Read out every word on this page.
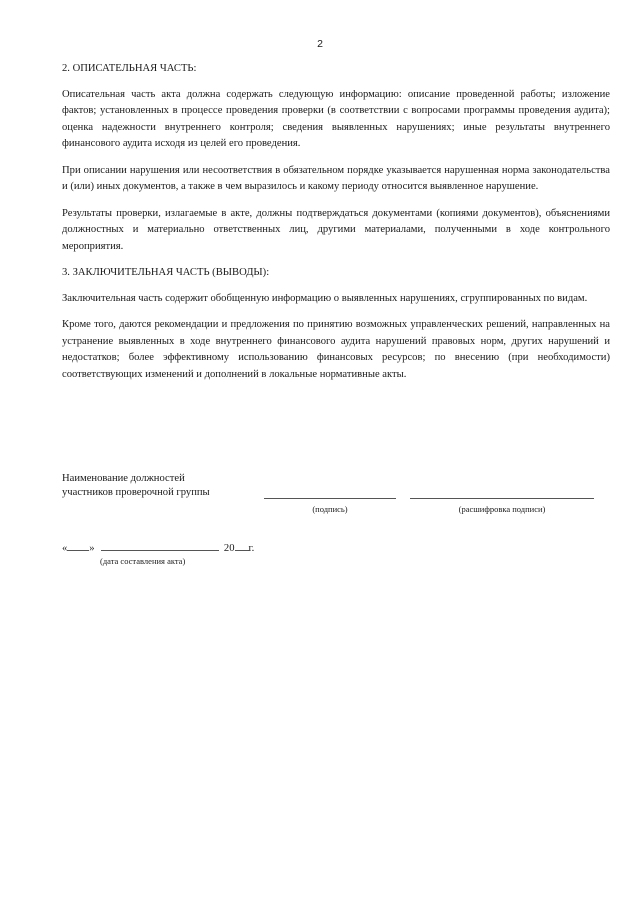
2
2. ОПИСАТЕЛЬНАЯ ЧАСТЬ:

Описательная часть акта должна содержать следующую информацию: описание проведенной работы; изложение фактов; установленных в процессе проведения проверки (в соответствии с вопросами программы проведения аудита); оценка надежности внутреннего контроля; сведения выявленных нарушениях; иные результаты внутреннего финансового аудита исходя из целей его проведения.

При описании нарушения или несоответствия в обязательном порядке указывается нарушенная норма законодательства и (или) иных документов, а также в чем выразилось и какому периоду относится выявленное нарушение.

Результаты проверки, излагаемые в акте, должны подтверждаться документами (копиями документов), объяснениями должностных и материально ответственных лиц, другими материалами, полученными в ходе контрольного мероприятия.

3. ЗАКЛЮЧИТЕЛЬНАЯ ЧАСТЬ (ВЫВОДЫ):

Заключительная часть содержит обобщенную информацию о выявленных нарушениях, сгруппированных по видам.

Кроме того, даются рекомендации и предложения по принятию возможных управленческих решений, направленных на устранение выявленных в ходе внутреннего финансового аудита нарушений правовых норм, других нарушений и недостатков; более эффективному использованию финансовых ресурсов; по внесению (при необходимости) соответствующих изменений и дополнений в локальные нормативные акты.

Наименование должностей
участников проверочной группы
(подпись)	(расшифровка подписи)
« »	20 г.
(дата составления акта)
